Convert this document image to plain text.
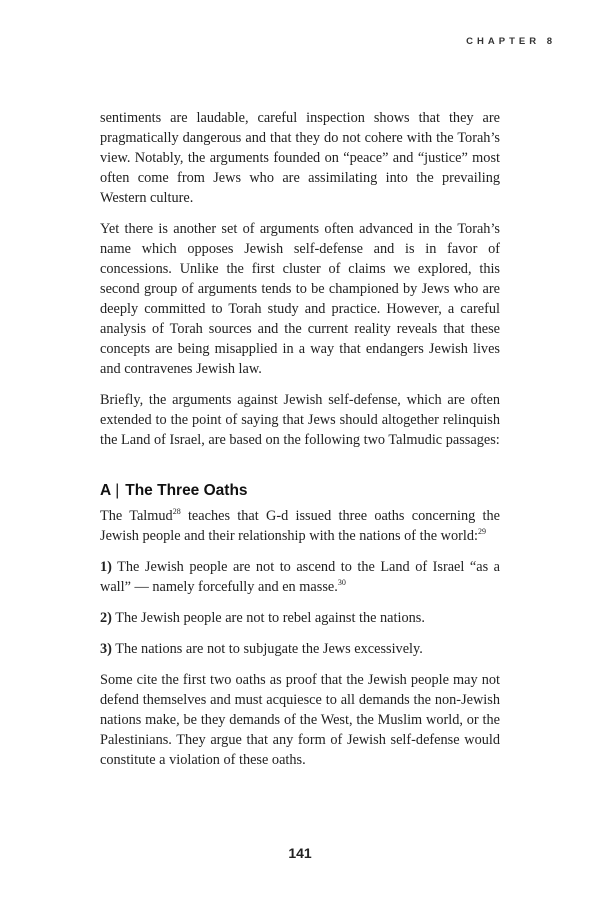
CHAPTER 8

sentiments are laudable, careful inspection shows that they are pragmatically dangerous and that they do not cohere with the Torah’s view. Notably, the arguments founded on “peace” and “justice” most often come from Jews who are assimilating into the prevailing Western culture.

Yet there is another set of arguments often advanced in the Torah’s name which opposes Jewish self-defense and is in favor of concessions. Unlike the first cluster of claims we explored, this second group of arguments tends to be championed by Jews who are deeply committed to Torah study and practice. However, a careful analysis of Torah sources and the current reality reveals that these concepts are being misapplied in a way that endangers Jewish lives and contravenes Jewish law.

Briefly, the arguments against Jewish self-defense, which are often extended to the point of saying that Jews should altogether relinquish the Land of Israel, are based on the following two Talmudic passages:

A | The Three Oaths

The Talmud$^{28}$ teaches that G-d issued three oaths concerning the Jewish people and their relationship with the nations of the world:$^{29}$

1) The Jewish people are not to ascend to the Land of Israel “as a wall” — namely forcefully and en masse.$^{30}$

2) The Jewish people are not to rebel against the nations.

3) The nations are not to subjugate the Jews excessively.

Some cite the first two oaths as proof that the Jewish people may not defend themselves and must acquiesce to all demands the non-Jewish nations make, be they demands of the West, the Muslim world, or the Palestinians. They argue that any form of Jewish self-defense would constitute a violation of these oaths.

141
